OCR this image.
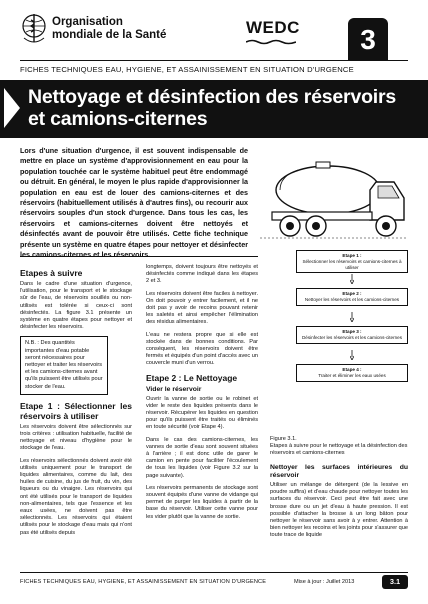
Organisation
mondiale de la Santé	WEDC	3
FICHES TECHNIQUES EAU, HYGIENE, ET ASSAINISSEMENT EN SITUATION D'URGENCE
Nettoyage et désinfection des réservoirs
et camions-citernes
Lors d'une situation d'urgence, il est souvent indispensable de mettre en place un système d'approvisionnement en eau pour la population touchée car le système habituel peut être endommagé ou détruit. En général, le moyen le plus rapide d'approvisionner la population en eau est de louer des camions-citernes et des réservoirs (habituellement utilisés à d'autres fins), ou recourir aux réservoirs souples d'un stock d'urgence. Dans tous les cas, les réservoirs et camions-citernes doivent être nettoyés et désinfectés avant de pouvoir être utilisés. Cette fiche technique présente un système en quatre étapes pour nettoyer et désinfecter les camions-citernes et les réservoirs.
Etapes à suivre

Dans le cadre d'une situation d'urgence, l'utilisation, pour le transport et le stockage sûr de l'eau, de réservoirs souillés ou non-utilisés est tolérée si ceux-ci sont désinfectés. La figure 3.1 présente un système en quatre étapes pour nettoyer et désinfecter les réservoirs.

N.B. : Des quantités importantes d'eau potable seront nécessaires pour nettoyer et traiter les réservoirs et les camions-citernes avant qu'ils puissent être utilisés pour stocker de l'eau.
Etape 1 : Sélectionner les réservoirs à utiliser

Les réservoirs doivent être sélectionnés sur trois critères : utilisation habituelle, facilité de nettoyage et niveau d'hygiène pour le stockage de l'eau.

Les réservoirs sélectionnés doivent avoir été utilisés uniquement pour le transport de liquides alimentaires, comme du lait, des huiles de cuisine, du jus de fruit, du vin, des liqueurs ou du vinaigre. Les réservoirs qui ont été utilisés pour le transport de liquides non-alimentaires, tels que l'essence et les eaux usées, ne doivent pas être sélectionnés. Les réservoirs qui étaient utilisés pour le stockage d'eau mais qui n'ont pas été utilisés depuis

longtemps, doivent toujours être nettoyés et désinfectés comme indiqué dans les étapes 2 et 3.

Les réservoirs doivent être faciles à nettoyer. On doit pouvoir y entrer facilement, et il ne doit pas y avoir de recoins pouvant retenir les saletés et ainsi empêcher l'élimination des résidus alimentaires.

L'eau ne restera propre que si elle est stockée dans de bonnes conditions. Par conséquent, les réservoirs doivent être fermés et équipés d'un point d'accès avec un couvercle muni d'un verrou.

Etape 2 : Le Nettoyage
Vider le réservoir

Ouvrir la vanne de sortie ou le robinet et vider le reste des liquides présents dans le réservoir. Récupérer les liquides en question pour qu'ils puissent être traités ou éliminés en toute sécurité (voir Etape 4).

Dans le cas des camions-citernes, les vannes de sortie d'eau sont souvent situées à l'arrière ; il est donc utile de garer le camion en pente pour faciliter l'écoulement de tous les liquides (voir Figure 3.2 sur la page suivante).

Les réservoirs permanents de stockage sont souvent équipés d'une vanne de vidange qui permet de purger les liquides à partir de la base du réservoir. Utiliser cette vanne pour les vider plutôt que la vanne de sortie.

Etape 1 :
Sélectionner les réservoirs et camions-citernes à utiliser
Etape 2 :
Nettoyer les réservoirs et les camions-citernes
Etape 3 :
Désinfecter les réservoirs et les camions-citernes
Etape 4 :
Traiter et éliminer les eaux usées
Figure 3.1.
Etapes à suivre pour le nettoyage et la désinfection des réservoirs et camions-citernes
Nettoyer les surfaces intérieures du réservoir

Utiliser un mélange de détergent (de la lessive en poudre suffira) et d'eau chaude pour nettoyer toutes les surfaces du réservoir. Ceci peut être fait avec une brosse dure ou un jet d'eau à haute pression. Il est possible d'attacher la brosse à un long bâton pour nettoyer le réservoir sans avoir à y entrer. Attention à bien nettoyer les recoins et les joints pour s'assurer que toute trace de liquide

FICHES TECHNIQUES EAU, HYGIENE, ET ASSAINISSEMENT EN SITUATION D'URGENCE	Mise à jour : Juillet 2013	3.1
